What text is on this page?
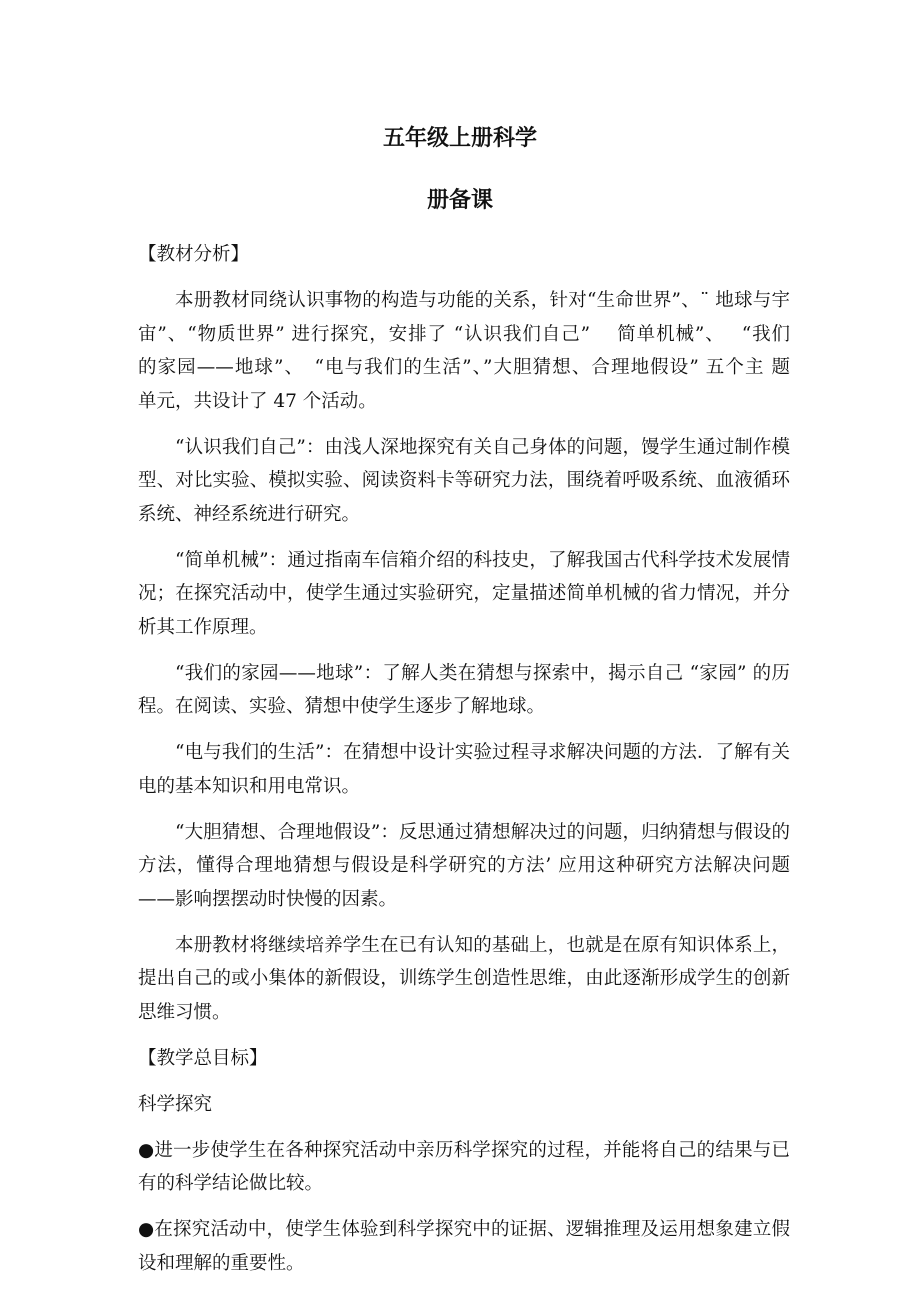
五年级上册科学
册备课
【教材分析】
本册教材同绕认识事物的构造与功能的关系，针对“生命世界”、¨ 地球与宇
宙”、“物质世界” 进行探究，安排了 “认识我们自己”　 简单机械”、　 “我们
的家园——地球”、　“电与我们的生活”、”大胆猜想、合理地假设” 五个主 题
单元，共设计了 47 个活动。
“认识我们自己”：由浅人深地探究有关自己身体的问题，馒学生通过制作模
型、对比实验、模拟实验、阅读资料卡等研究力法，围绕着呼吸系统、血液循环
系统、神经系统进行研究。
“简单机械”：通过指南车信箱介绍的科技史，了解我国古代科学技术发展情
况；在探究活动中，使学生通过实验研究，定量描述简单机械的省力情况，并分
析其工作原理。
“我们的家园——地球”：了解人类在猜想与探索中，揭示自己 “家园” 的历
程。在阅读、实验、猜想中使学生逐步了解地球。
“电与我们的生活”：在猜想中设计实验过程寻求解决问题的方法．了解有关
电的基本知识和用电常识。
“大胆猜想、合理地假设”：反思通过猜想解决过的问题，归纳猜想与假设的
方法，懂得合理地猜想与假设是科学研究的方法’ 应用这种研究方法解决问题
——影响摆摆动时快慢的因素。
本册教材将继续培养学生在已有认知的基础上，也就是在原有知识体系上，
提出自己的或小集体的新假设，训练学生创造性思维，由此逐渐形成学生的创新
思维习惯。
【教学总目标】
科学探究
●进一步使学生在各种探究活动中亲历科学探究的过程，并能将自己的结果与已
有的科学结论做比较。
●在探究活动中，使学生体验到科学探究中的证据、逻辑推理及运用想象建立假
设和理解的重要性。
